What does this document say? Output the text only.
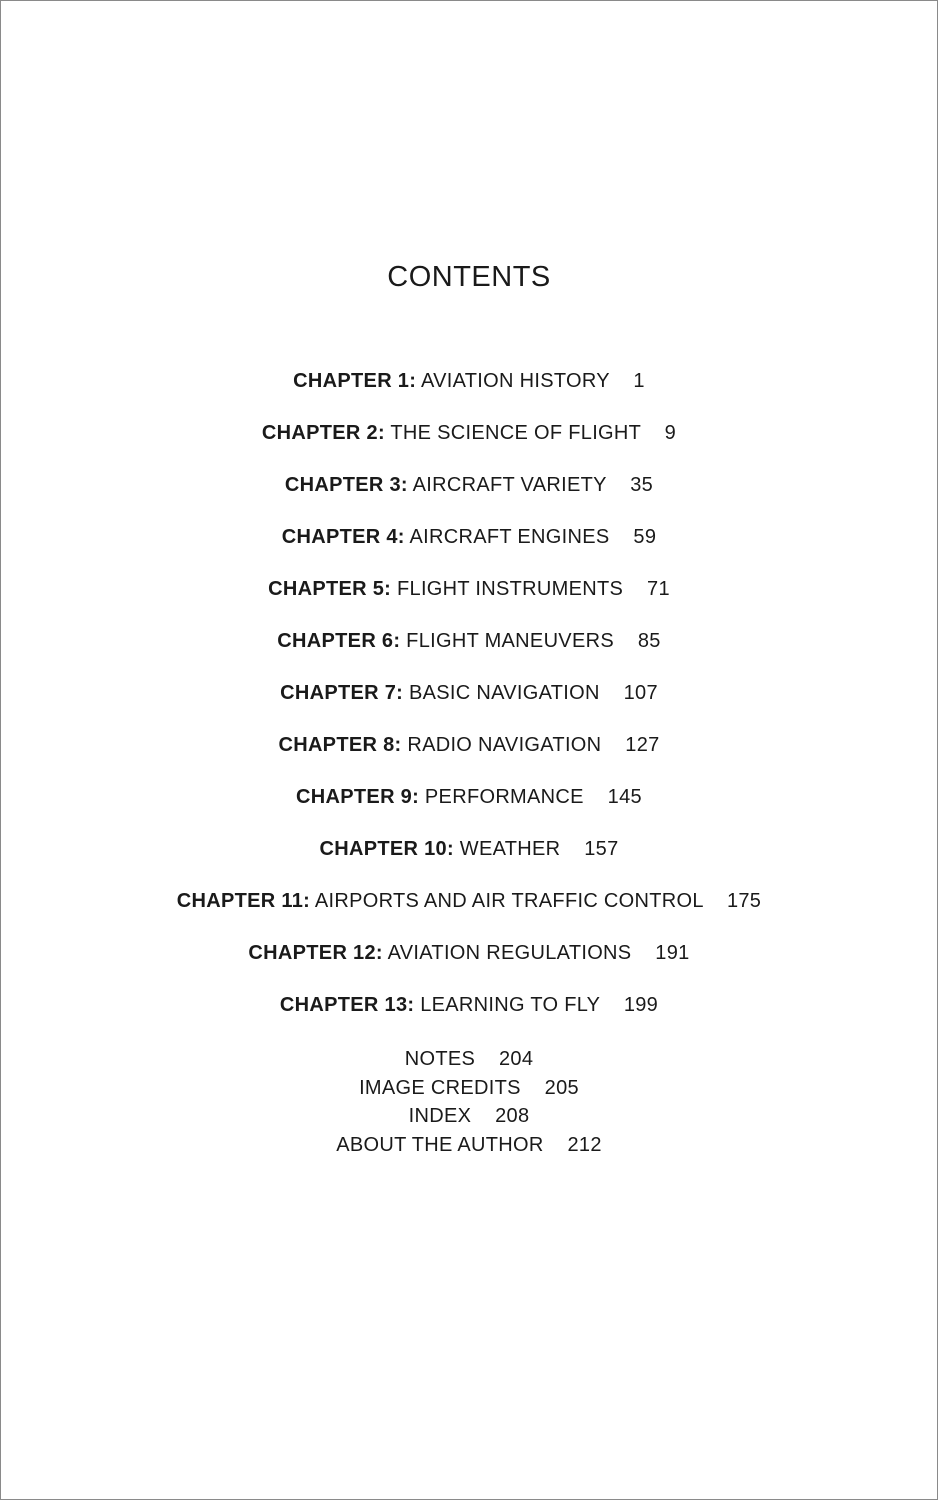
CONTENTS
CHAPTER 1: AVIATION HISTORY 1
CHAPTER 2: THE SCIENCE OF FLIGHT 9
CHAPTER 3: AIRCRAFT VARIETY 35
CHAPTER 4: AIRCRAFT ENGINES 59
CHAPTER 5: FLIGHT INSTRUMENTS 71
CHAPTER 6: FLIGHT MANEUVERS 85
CHAPTER 7: BASIC NAVIGATION 107
CHAPTER 8: RADIO NAVIGATION 127
CHAPTER 9: PERFORMANCE 145
CHAPTER 10: WEATHER 157
CHAPTER 11: AIRPORTS AND AIR TRAFFIC CONTROL 175
CHAPTER 12: AVIATION REGULATIONS 191
CHAPTER 13: LEARNING TO FLY 199
NOTES 204
IMAGE CREDITS 205
INDEX 208
ABOUT THE AUTHOR 212
